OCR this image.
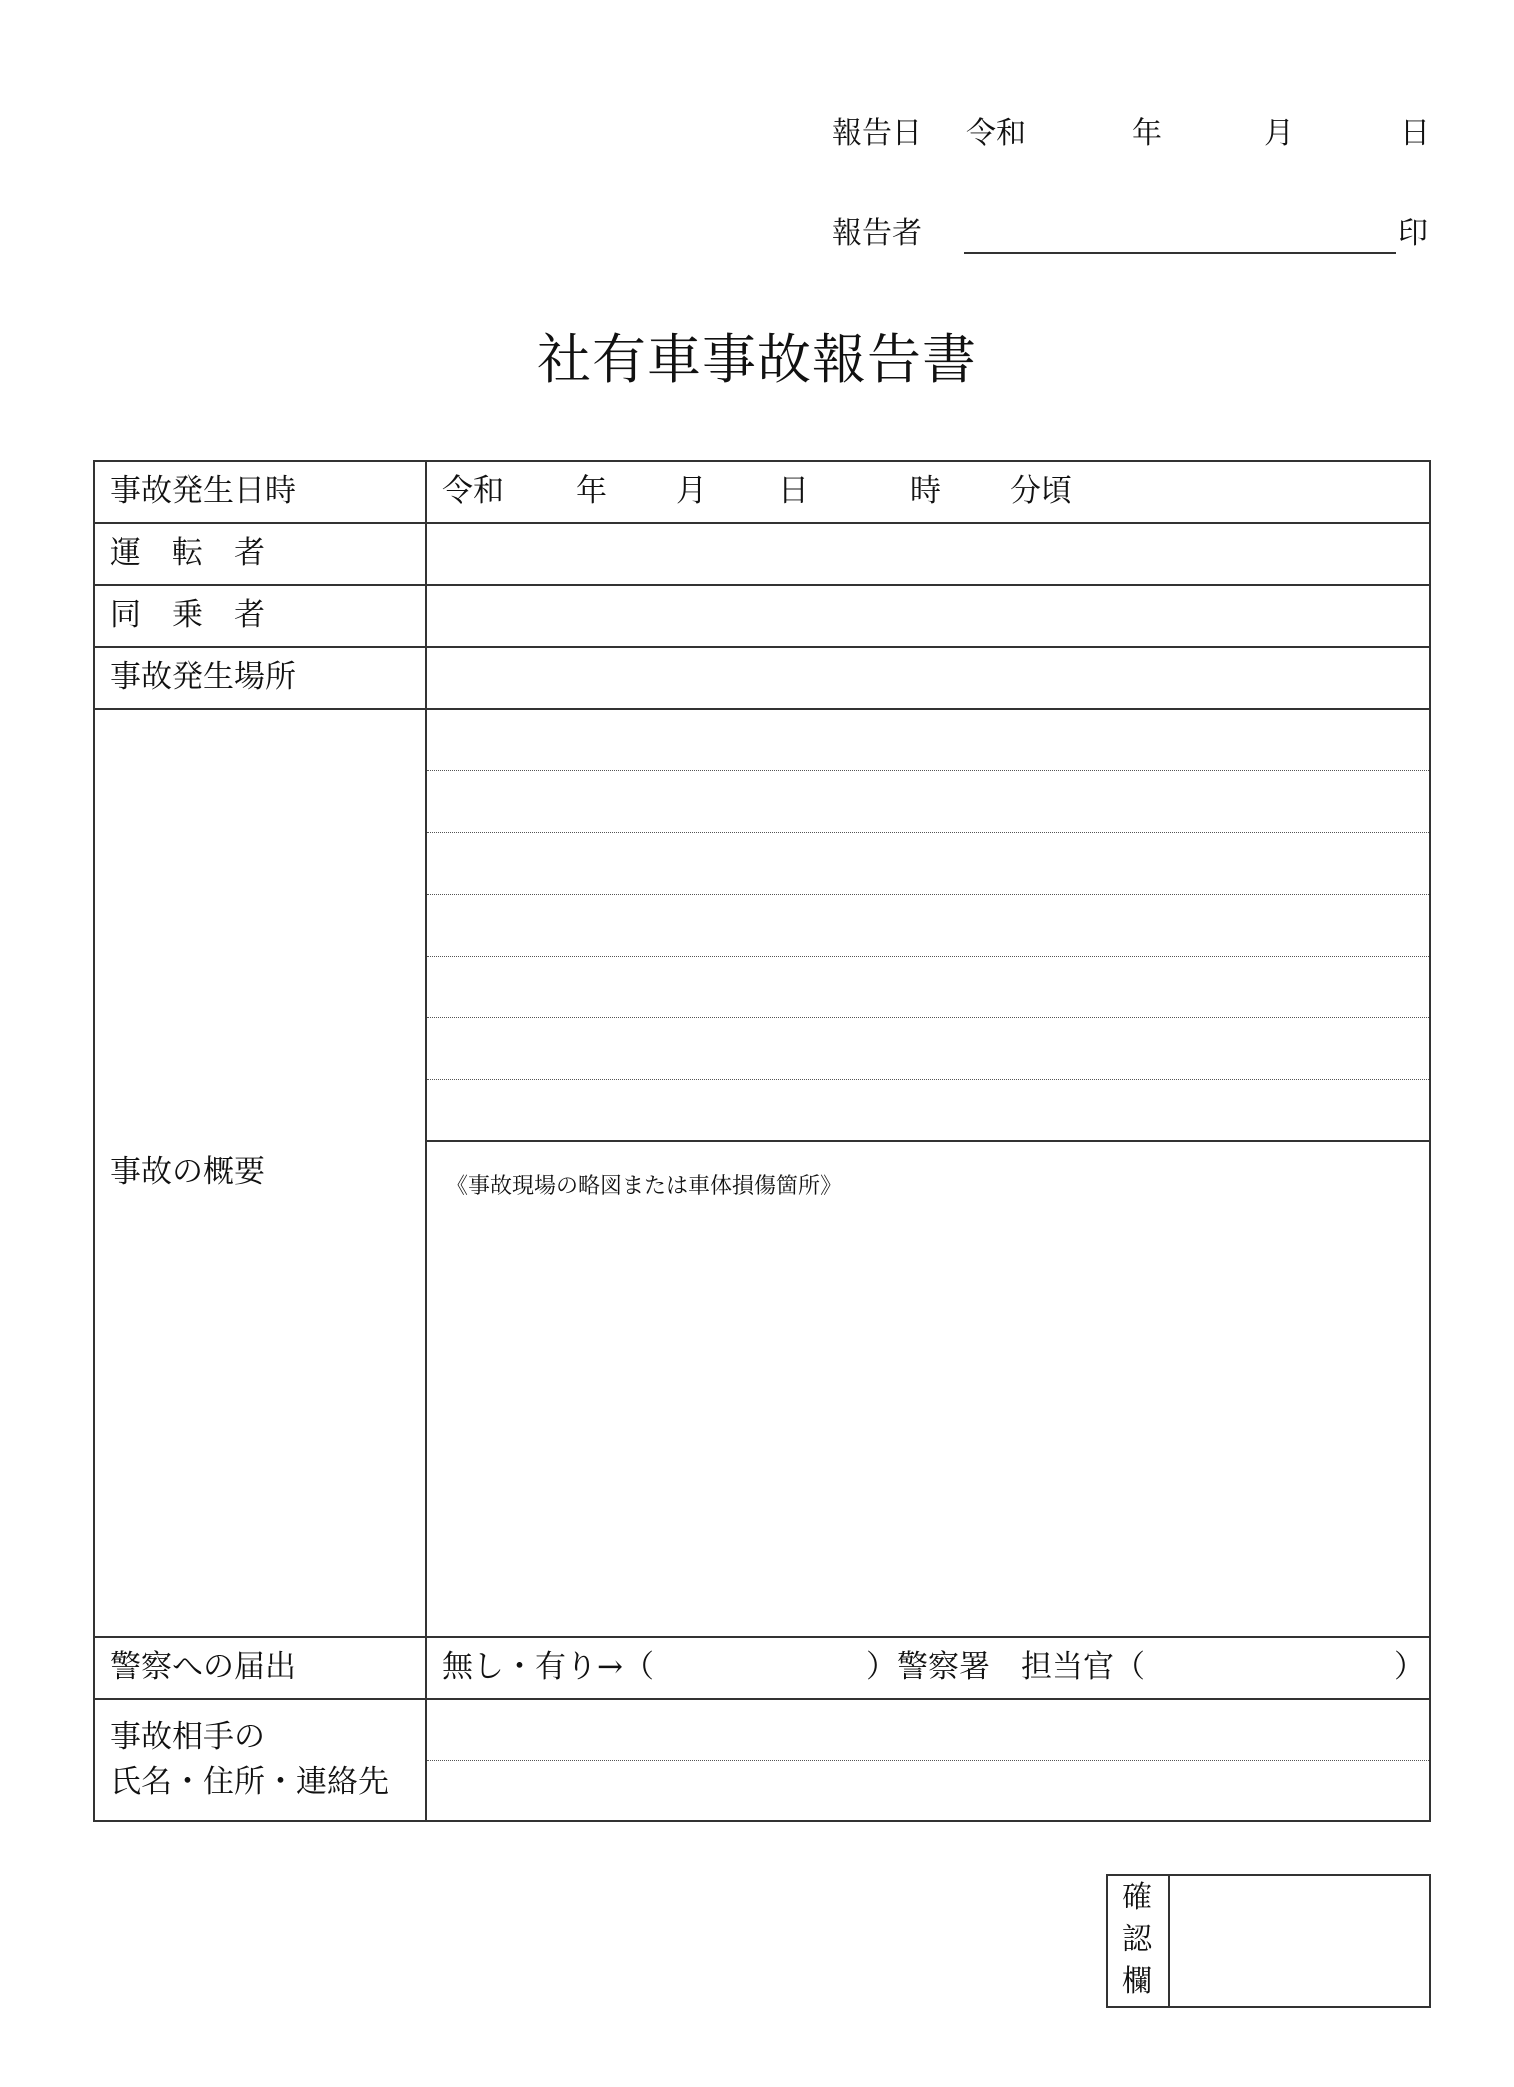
報告日 令和	年	月	日
報告者	印
社有車事故報告書
事故発生日時	令和 年 月 日	時 分頃
運　転　者
同　乗　者
事故発生場所
事故の概要	《事故現場の略図または車体損傷箇所》
警察への届出	無し・有り→（	）警察署　担当官（	）
事故相手の
氏名・住所・連絡先
確
認
欄
